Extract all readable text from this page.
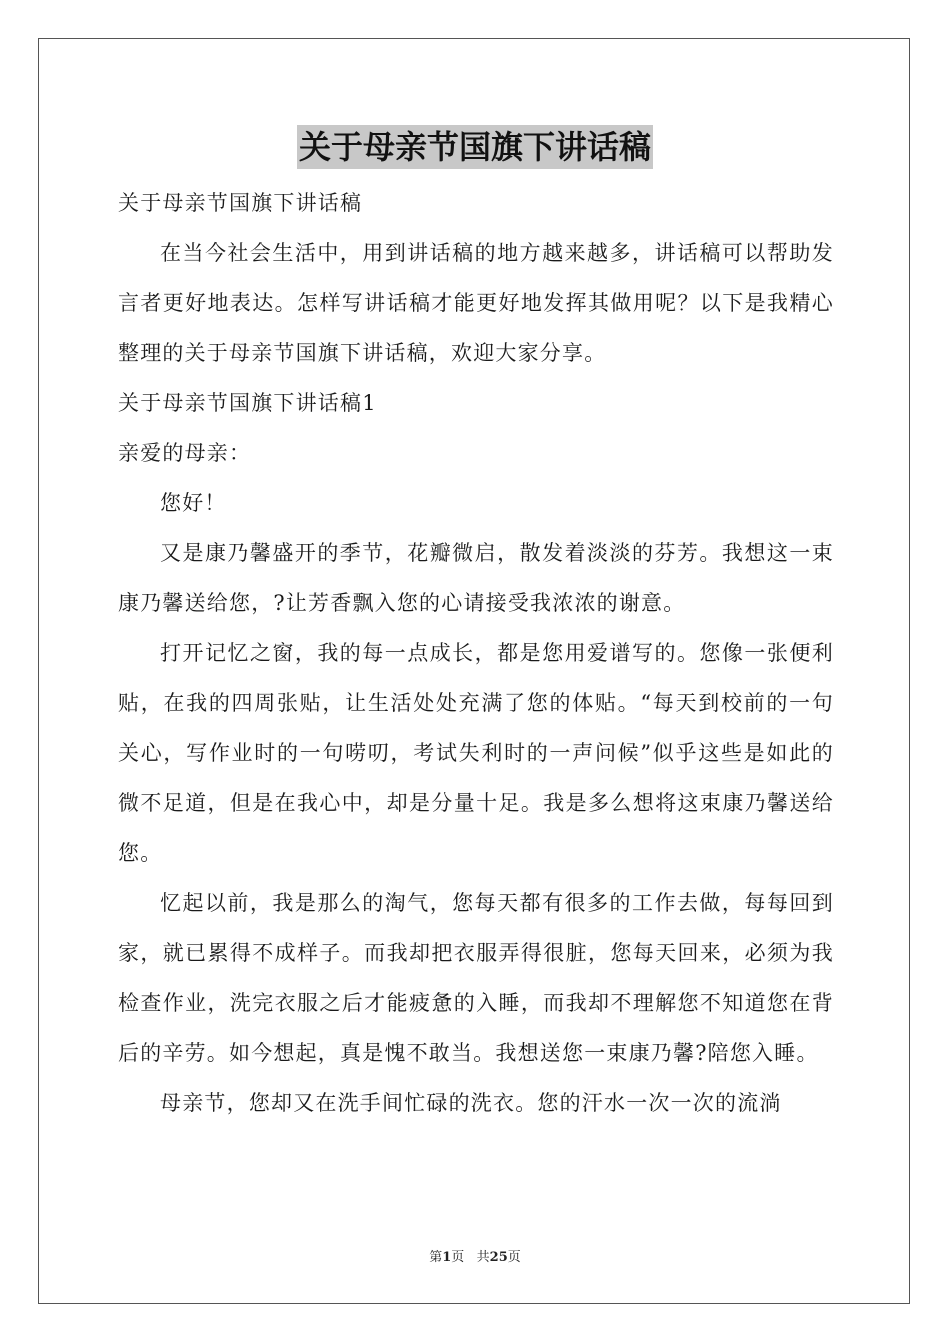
关于母亲节国旗下讲话稿

关于母亲节国旗下讲话稿

在当今社会生活中，用到讲话稿的地方越来越多，讲话稿可以帮助发言者更好地表达。怎样写讲话稿才能更好地发挥其做用呢？以下是我精心整理的关于母亲节国旗下讲话稿，欢迎大家分享。

关于母亲节国旗下讲话稿1

亲爱的母亲：

您好！

又是康乃馨盛开的季节，花瓣微启，散发着淡淡的芬芳。我想这一束康乃馨送给您，?让芳香飘入您的心请接受我浓浓的谢意。

打开记忆之窗，我的每一点成长，都是您用爱谱写的。您像一张便利贴，在我的四周张贴，让生活处处充满了您的体贴。“每天到校前的一句关心，写作业时的一句唠叨，考试失利时的一声问候”似乎这些是如此的微不足道，但是在我心中，却是分量十足。我是多么想将这束康乃馨送给您。

忆起以前，我是那么的淘气，您每天都有很多的工作去做，每每回到家，就已累得不成样子。而我却把衣服弄得很脏，您每天回来，必须为我检查作业，洗完衣服之后才能疲惫的入睡，而我却不理解您不知道您在背后的辛劳。如今想起，真是愧不敢当。我想送您一束康乃馨?陪您入睡。

母亲节，您却又在洗手间忙碌的洗衣。您的汗水一次一次的流淌

第1页   共25页
